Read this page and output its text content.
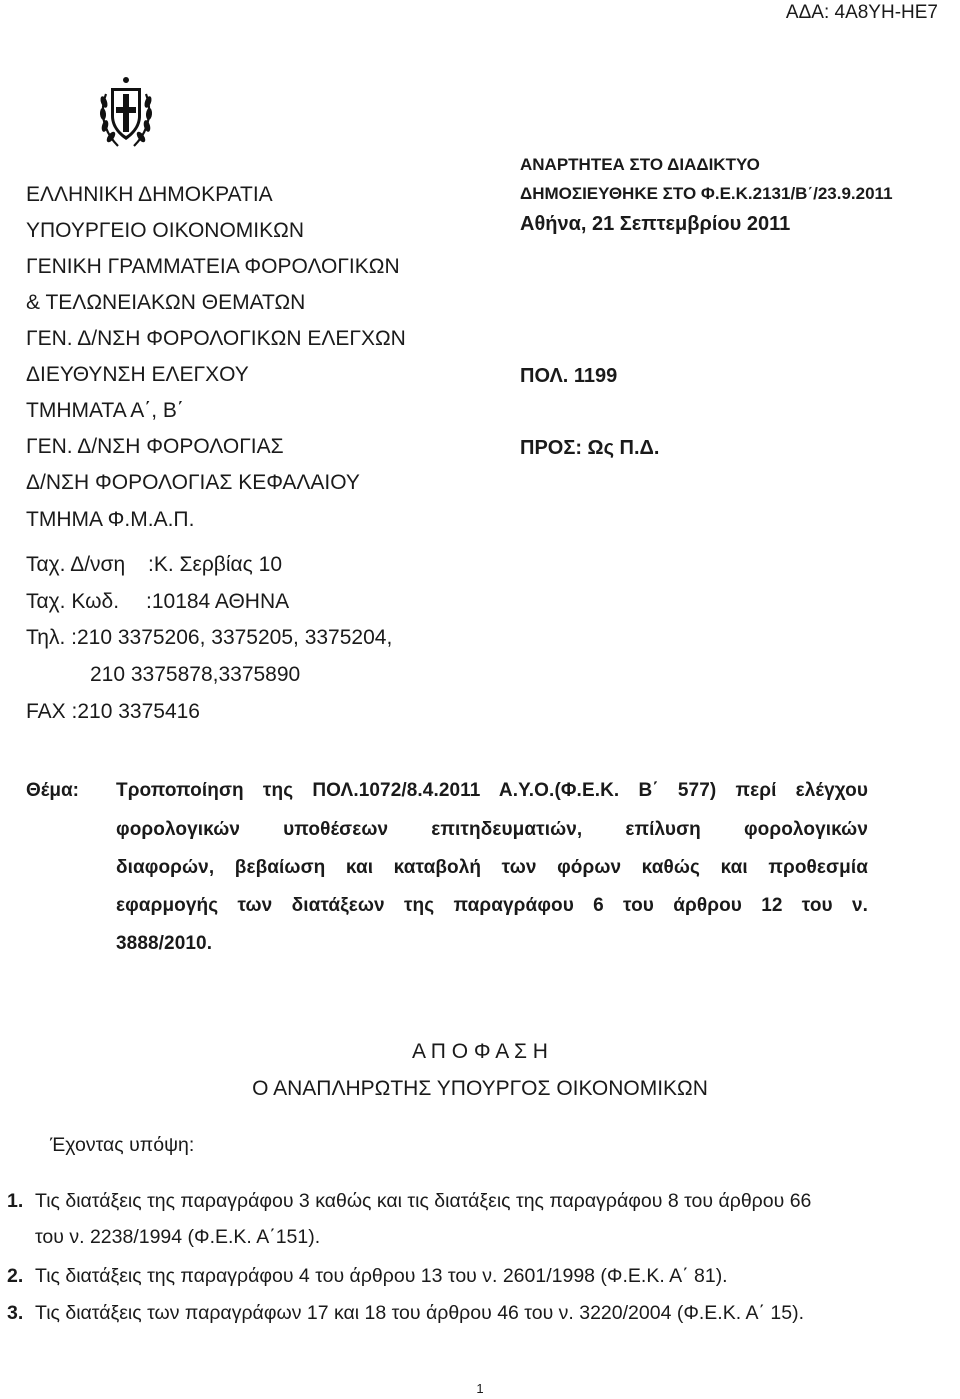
ΑΔΑ: 4Α8ΥΗ-ΗΕ7
ΕΛΛΗΝΙΚΗ ΔΗΜΟΚΡΑΤΙΑ
ΥΠΟΥΡΓΕΙΟ ΟΙΚΟΝΟΜΙΚΩΝ
ΓΕΝΙΚΗ ΓΡΑΜΜΑΤΕΙΑ ΦΟΡΟΛΟΓΙΚΩΝ
& ΤΕΛΩΝΕΙΑΚΩΝ ΘΕΜΑΤΩΝ
ΓΕΝ. Δ/ΝΣΗ ΦΟΡΟΛΟΓΙΚΩΝ ΕΛΕΓΧΩΝ
ΔΙΕΥΘΥΝΣΗ ΕΛΕΓΧΟΥ
ΤΜΗΜΑΤΑ Α΄, Β΄
ΓΕΝ. Δ/ΝΣΗ ΦΟΡΟΛΟΓΙΑΣ
Δ/ΝΣΗ ΦΟΡΟΛΟΓΙΑΣ ΚΕΦΑΛΑΙΟΥ
ΤΜΗΜΑ Φ.Μ.Α.Π.
Ταχ. Δ/νση :Κ. Σερβίας 10
Ταχ. Κωδ. :10184 ΑΘΗΝΑ
Τηλ. :210 3375206, 3375205, 3375204,
210 3375878,3375890
FAX :210 3375416
ΑΝΑΡΤΗΤΕΑ ΣΤΟ ΔΙΑΔΙΚΤΥΟ
ΔΗΜΟΣΙΕΥΘΗΚΕ ΣΤΟ Φ.Ε.Κ.2131/Β΄/23.9.2011
Αθήνα, 21 Σεπτεμβρίου 2011
ΠΟΛ. 1199
ΠΡΟΣ: Ως Π.Δ.
Θέμα: Τροποποίηση της ΠΟΛ.1072/8.4.2011 Α.Υ.Ο.(Φ.Ε.Κ. Β΄ 577) περί ελέγχου
φορολογικών υποθέσεων επιτηδευματιών, επίλυση φορολογικών
διαφορών, βεβαίωση και καταβολή των φόρων καθώς και προθεσμία
εφαρμογής των διατάξεων της παραγράφου 6 του άρθρου 12 του ν.
3888/2010.
Α Π Ο Φ Α Σ Η
Ο ΑΝΑΠΛΗΡΩΤΗΣ ΥΠΟΥΡΓΟΣ ΟΙΚΟΝΟΜΙΚΩΝ
Έχοντας υπόψη:
1. Τις διατάξεις της παραγράφου 3 καθώς και τις διατάξεις της παραγράφου 8 του άρθρου 66
του ν. 2238/1994 (Φ.Ε.Κ. Α΄151).
2. Τις διατάξεις της παραγράφου 4 του άρθρου 13 του ν. 2601/1998 (Φ.Ε.Κ. Α΄ 81).
3. Τις διατάξεις των παραγράφων 17 και 18 του άρθρου 46 του ν. 3220/2004 (Φ.Ε.Κ. Α΄ 15).
1
